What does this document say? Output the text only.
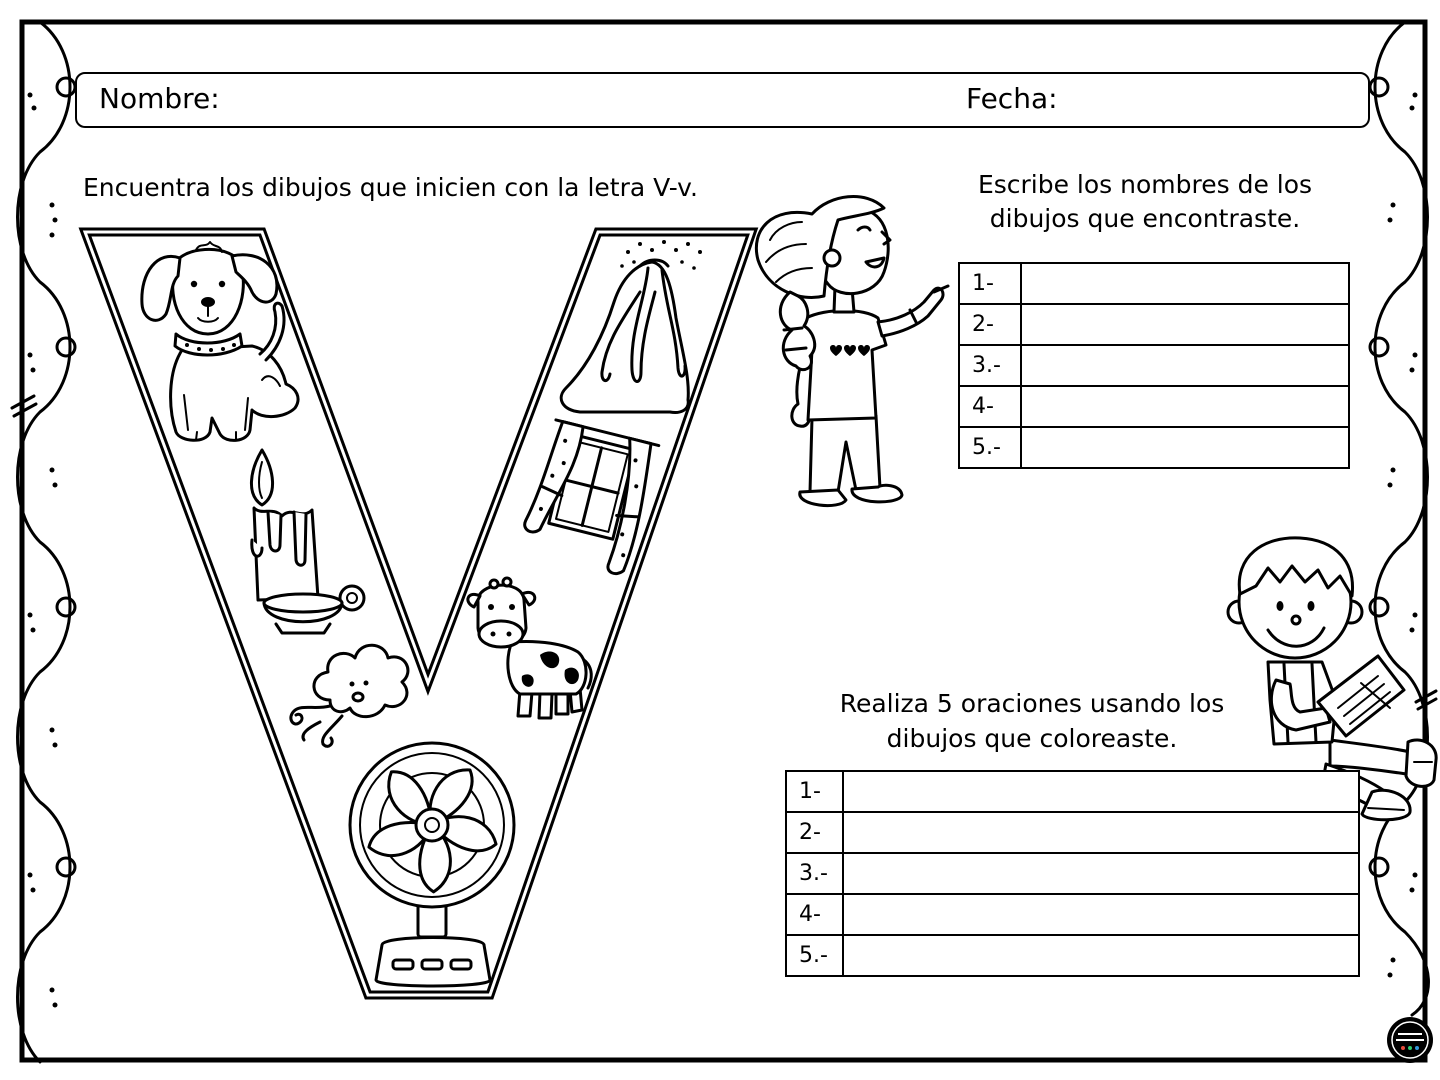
Nombre:	Fecha:
Encuentra los dibujos que inicien con la letra V-v.	Escribe los nombres de los
dibujos que encontraste.
1-	
2-	
3.-	
4-	
5.-	
Realiza 5 oraciones usando los
dibujos que coloreaste.
1-	
2-	
3.-	
4-	
5.-	
